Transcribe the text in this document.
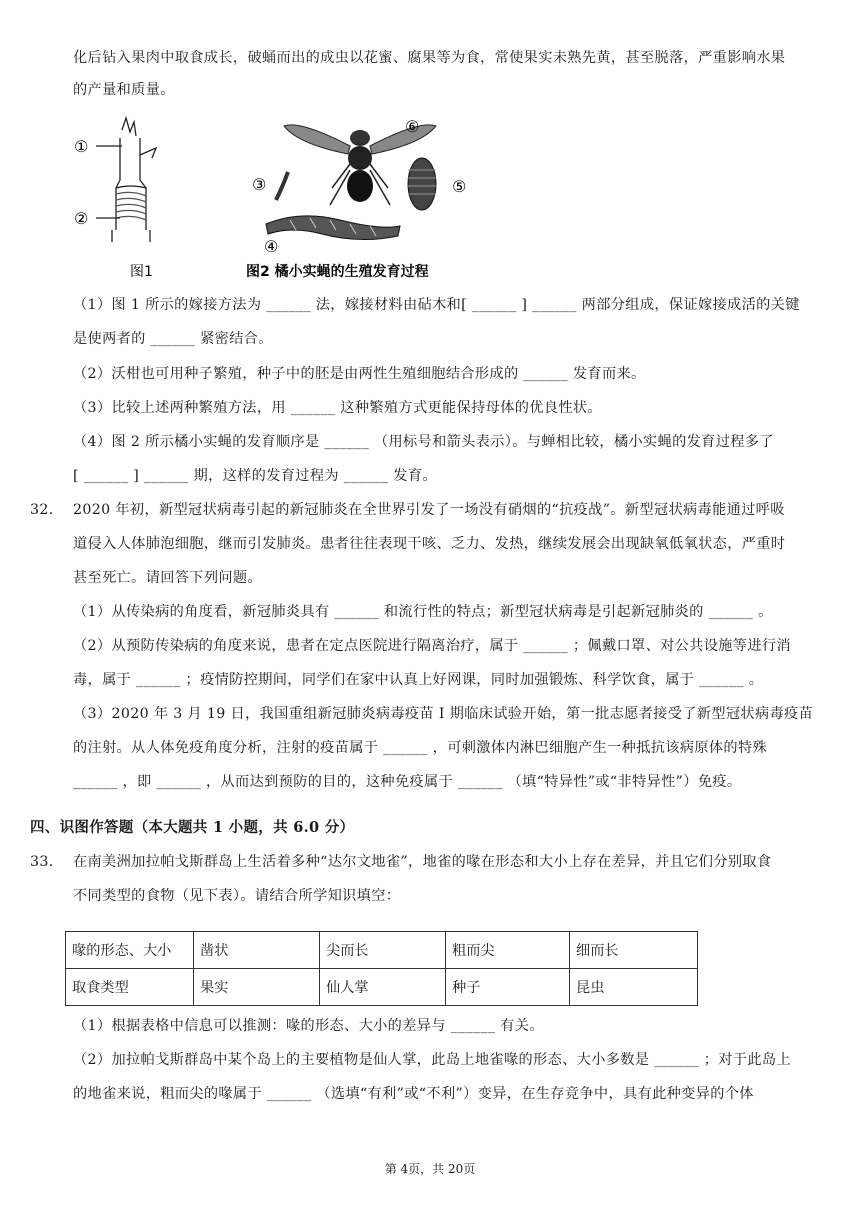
化后钻入果肉中取食成长，破蛹而出的成虫以花蜜、腐果等为食，常使果实未熟先黄，甚至脱落，严重影响水果
的产量和质量。
①
②
图1
⑥
③	⑤
④
图2 橘小实蝇的生殖发育过程
（1）图 1 所示的嫁接方法为 ______ 法，嫁接材料由砧木和[ ______ ] ______ 两部分组成，保证嫁接成活的关键
是使两者的 ______ 紧密结合。
（2）沃柑也可用种子繁殖，种子中的胚是由两性生殖细胞结合形成的 ______ 发育而来。
（3）比较上述两种繁殖方法，用 ______ 这种繁殖方式更能保持母体的优良性状。
（4）图 2 所示橘小实蝇的发育顺序是 ______ （用标号和箭头表示）。与蝉相比较，橘小实蝇的发育过程多了
[ ______ ] ______ 期，这样的发育过程为 ______ 发育。
32. 2020 年初，新型冠状病毒引起的新冠肺炎在全世界引发了一场没有硝烟的“抗疫战”。新型冠状病毒能通过呼吸
道侵入人体肺泡细胞，继而引发肺炎。患者往往表现干咳、乏力、发热，继续发展会出现缺氧低氧状态，严重时
甚至死亡。请回答下列问题。
（1）从传染病的角度看，新冠肺炎具有 ______ 和流行性的特点；新型冠状病毒是引起新冠肺炎的 ______ 。
（2）从预防传染病的角度来说，患者在定点医院进行隔离治疗，属于 ______ ；佩戴口罩、对公共设施等进行消
毒，属于 ______ ；疫情防控期间，同学们在家中认真上好网课，同时加强锻炼、科学饮食，属于 ______ 。
（3）2020 年 3 月 19 日，我国重组新冠肺炎病毒疫苗 I 期临床试验开始，第一批志愿者接受了新型冠状病毒疫苗
的注射。从人体免疫角度分析，注射的疫苗属于 ______ ，可刺激体内淋巴细胞产生一种抵抗该病原体的特殊
______ ，即 ______ ，从而达到预防的目的，这种免疫属于 ______ （填“特异性”或“非特异性”）免疫。
四、识图作答题（本大题共 1 小题，共 6.0 分）
33. 在南美洲加拉帕戈斯群岛上生活着多种“达尔文地雀”，地雀的喙在形态和大小上存在差异，并且它们分别取食
不同类型的食物（见下表）。请结合所学知识填空：
喙的形态、大小	凿状	尖而长	粗而尖	细而长
取食类型	果实	仙人掌	种子	昆虫
（1）根据表格中信息可以推测：喙的形态、大小的差异与 ______ 有关。
（2）加拉帕戈斯群岛中某个岛上的主要植物是仙人掌，此岛上地雀喙的形态、大小多数是 ______ ；对于此岛上
的地雀来说，粗而尖的喙属于 ______ （选填“有利”或“不利”）变异，在生存竞争中，具有此种变异的个体
第 4页，共 20页
